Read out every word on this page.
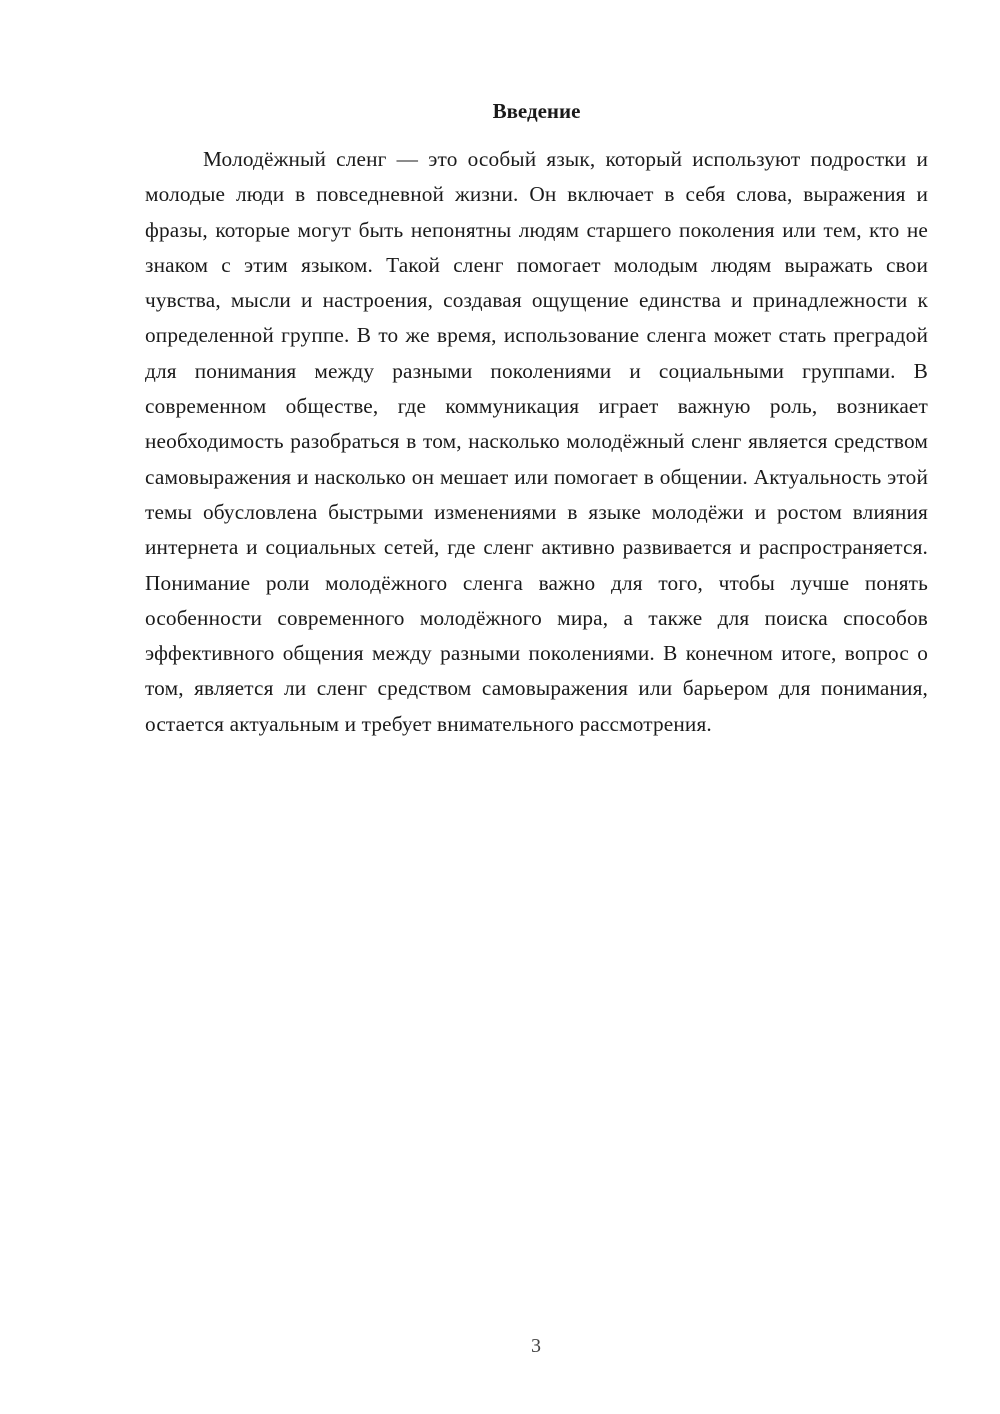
Введение

Молодёжный сленг — это особый язык, который используют подростки и молодые люди в повседневной жизни. Он включает в себя слова, выражения и фразы, которые могут быть непонятны людям старшего поколения или тем, кто не знаком с этим языком. Такой сленг помогает молодым людям выражать свои чувства, мысли и настроения, создавая ощущение единства и принадлежности к определенной группе. В то же время, использование сленга может стать преградой для понимания между разными поколениями и социальными группами. В современном обществе, где коммуникация играет важную роль, возникает необходимость разобраться в том, насколько молодёжный сленг является средством самовыражения и насколько он мешает или помогает в общении. Актуальность этой темы обусловлена быстрыми изменениями в языке молодёжи и ростом влияния интернета и социальных сетей, где сленг активно развивается и распространяется. Понимание роли молодёжного сленга важно для того, чтобы лучше понять особенности современного молодёжного мира, а также для поиска способов эффективного общения между разными поколениями. В конечном итоге, вопрос о том, является ли сленг средством самовыражения или барьером для понимания, остается актуальным и требует внимательного рассмотрения.

3
